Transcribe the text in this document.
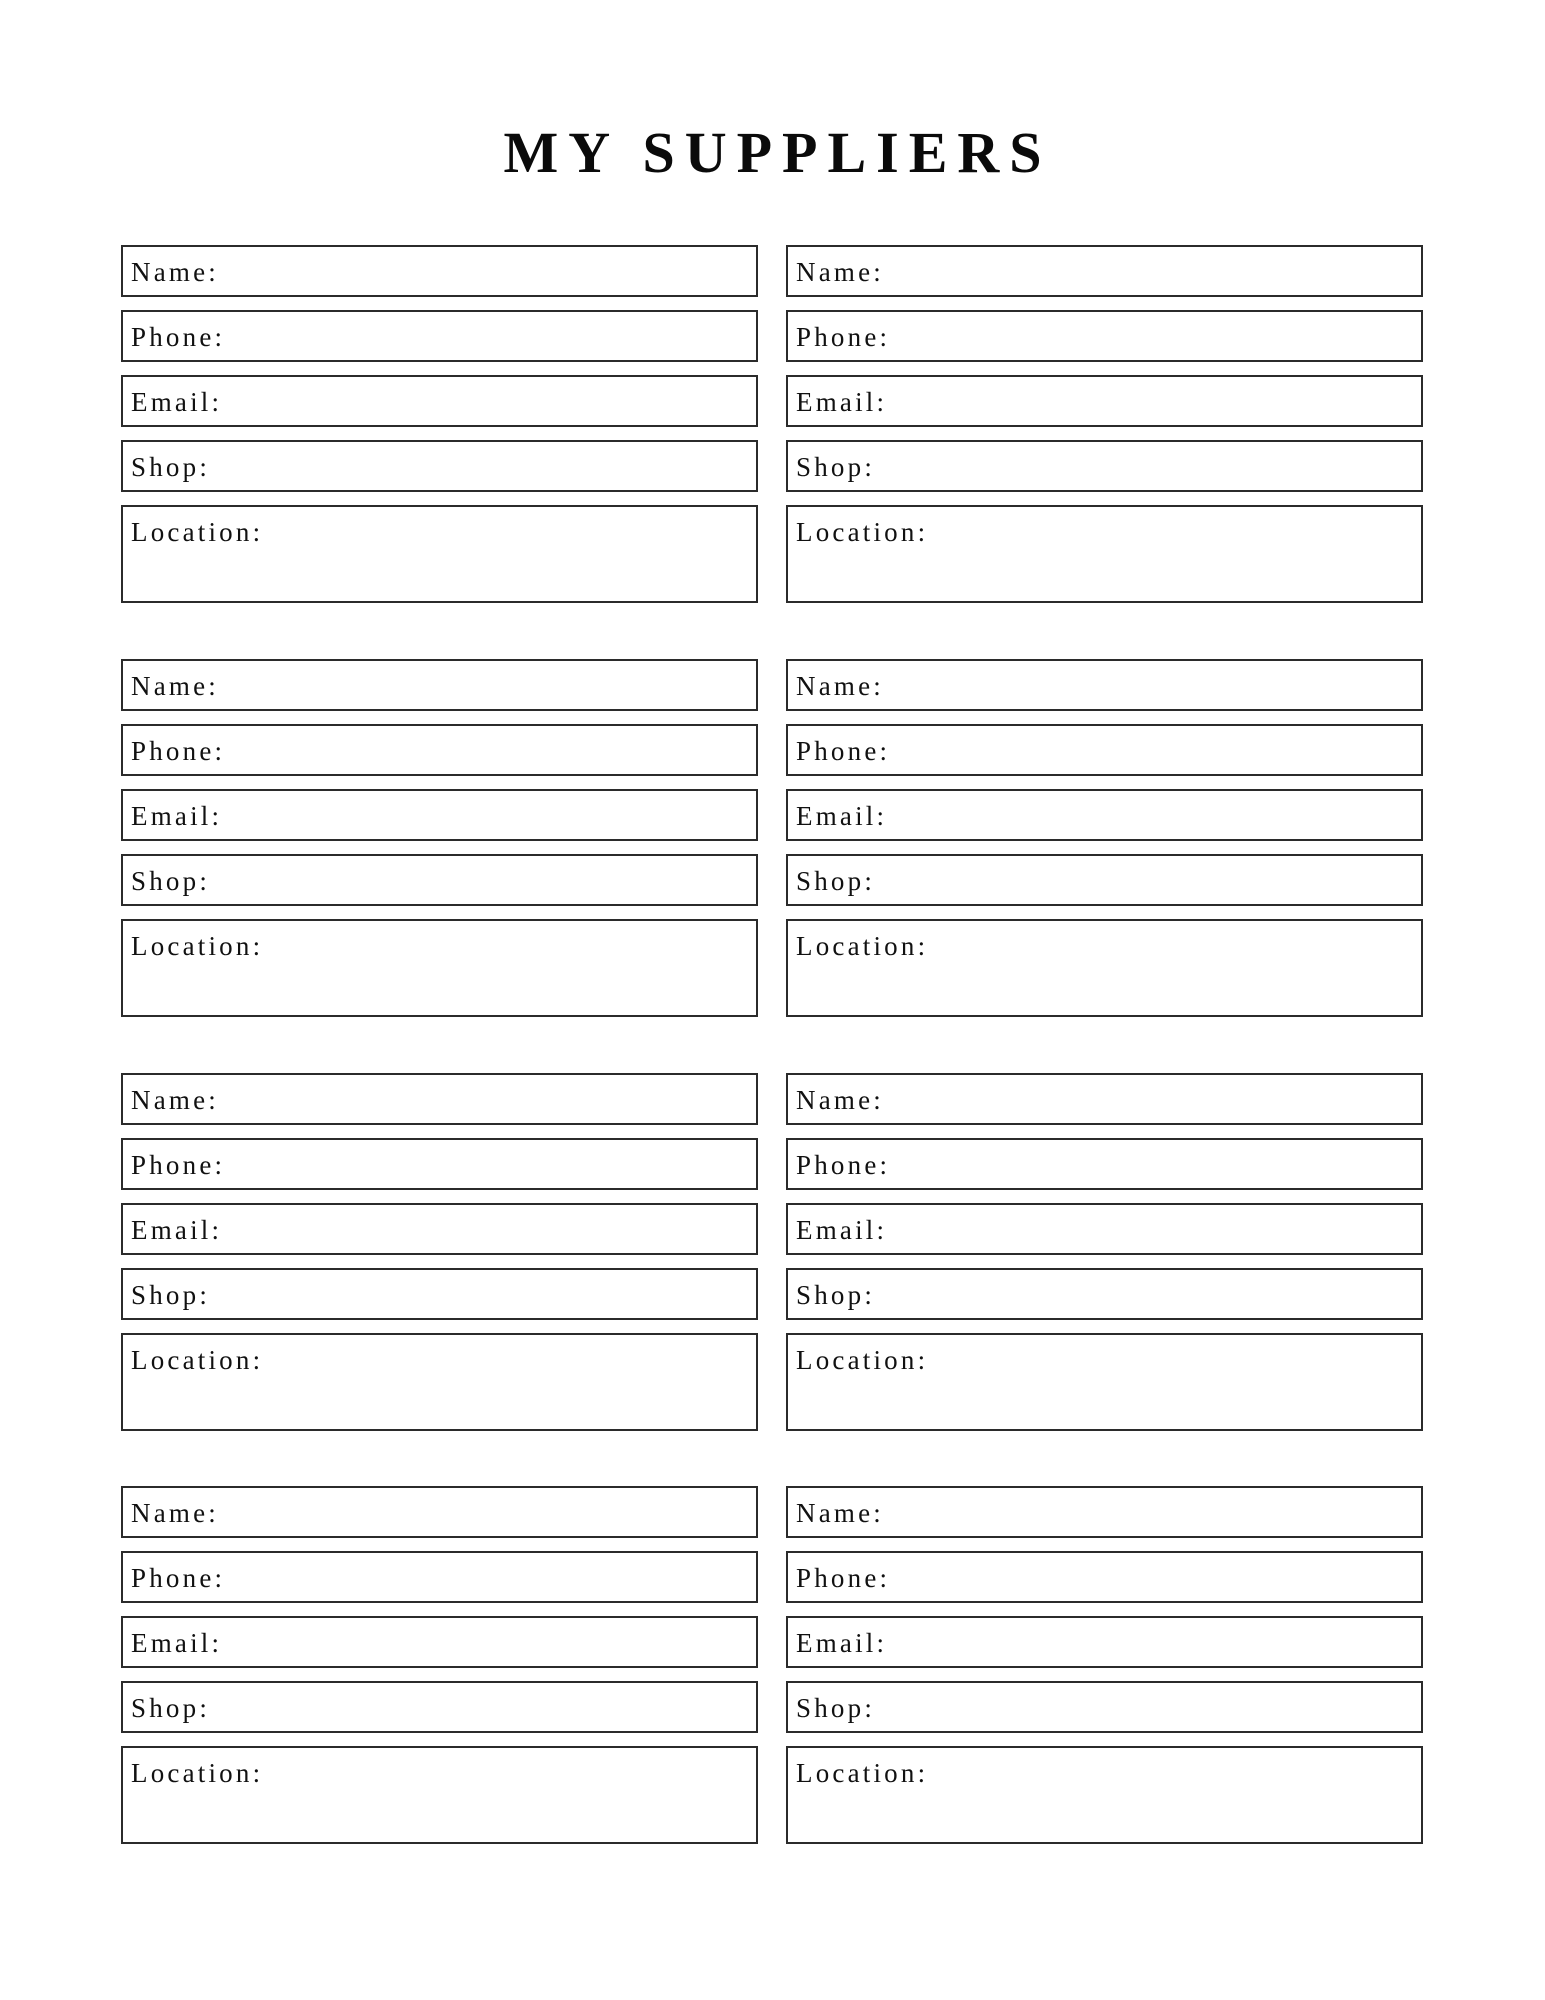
MY SUPPLIERS
Name:
Phone:
Email:
Shop:
Location:
Name:
Phone:
Email:
Shop:
Location:
Name:
Phone:
Email:
Shop:
Location:
Name:
Phone:
Email:
Shop:
Location:
Name:
Phone:
Email:
Shop:
Location:
Name:
Phone:
Email:
Shop:
Location:
Name:
Phone:
Email:
Shop:
Location:
Name:
Phone:
Email:
Shop:
Location:
